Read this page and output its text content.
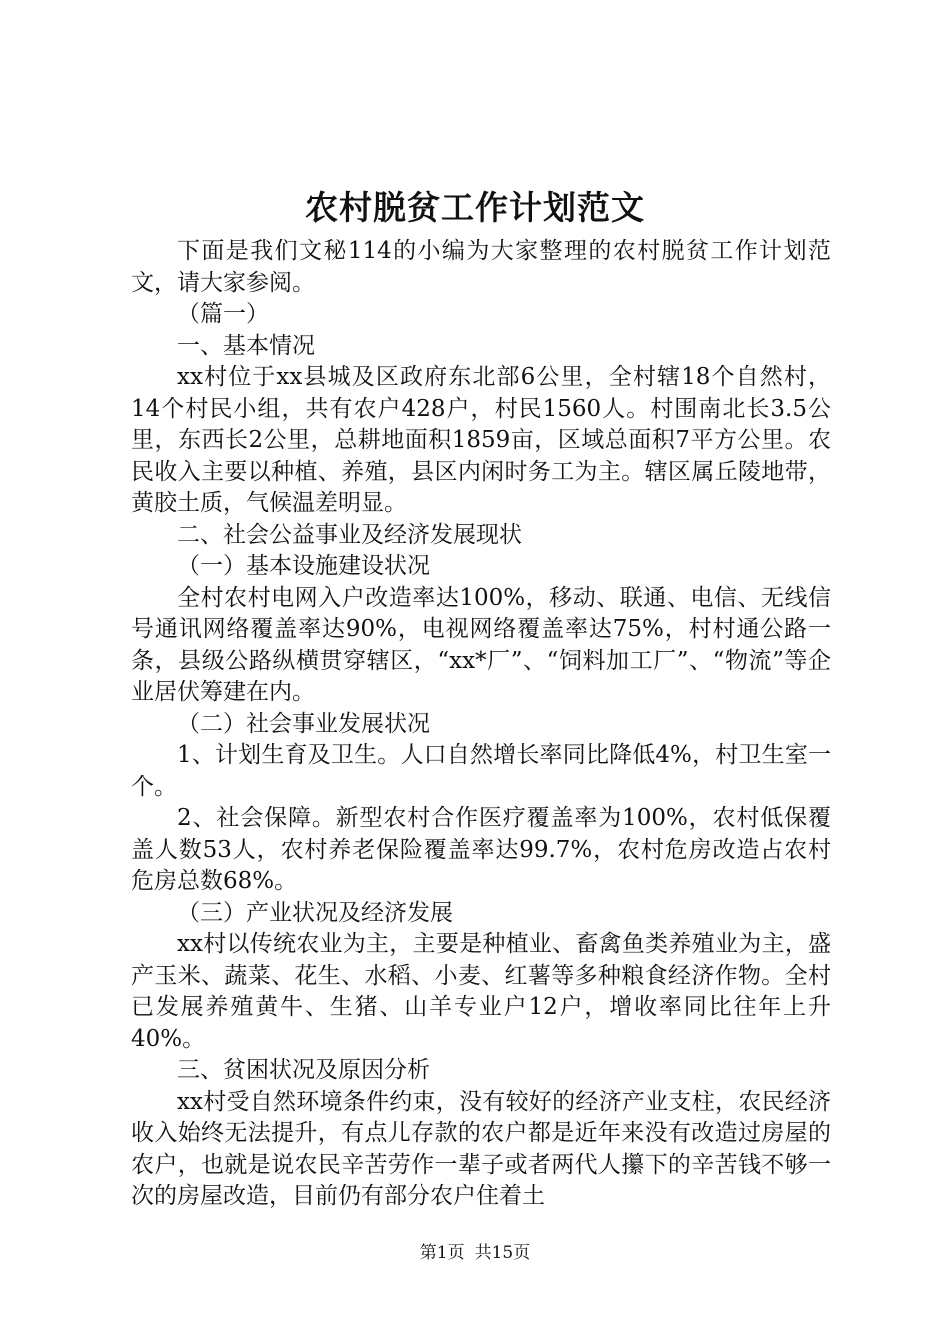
农村脱贫工作计划范文

下面是我们文秘114的小编为大家整理的农村脱贫工作计划范文，请大家参阅。

（篇一）

一、基本情况

xx村位于xx县城及区政府东北部6公里，全村辖18个自然村，14个村民小组，共有农户428户，村民1560人。村围南北长3.5公里，东西长2公里，总耕地面积1859亩，区域总面积7平方公里。农民收入主要以种植、养殖，县区内闲时务工为主。辖区属丘陵地带，黄胶土质，气候温差明显。

二、社会公益事业及经济发展现状

（一）基本设施建设状况

全村农村电网入户改造率达100%，移动、联通、电信、无线信号通讯网络覆盖率达90%，电视网络覆盖率达75%，村村通公路一条，县级公路纵横贯穿辖区，“xx*厂”、“饲料加工厂”、“物流”等企业居伏筹建在内。

（二）社会事业发展状况

1、计划生育及卫生。人口自然增长率同比降低4%，村卫生室一个。

2、社会保障。新型农村合作医疗覆盖率为100%，农村低保覆盖人数53人，农村养老保险覆盖率达99.7%，农村危房改造占农村危房总数68%。

（三）产业状况及经济发展

xx村以传统农业为主，主要是种植业、畜禽鱼类养殖业为主，盛产玉米、蔬菜、花生、水稻、小麦、红薯等多种粮食经济作物。全村已发展养殖黄牛、生猪、山羊专业户12户，增收率同比往年上升40%。

三、贫困状况及原因分析

xx村受自然环境条件约束，没有较好的经济产业支柱，农民经济收入始终无法提升，有点儿存款的农户都是近年来没有改造过房屋的农户，也就是说农民辛苦劳作一辈子或者两代人攥下的辛苦钱不够一次的房屋改造，目前仍有部分农户住着土

第1页 共15页
